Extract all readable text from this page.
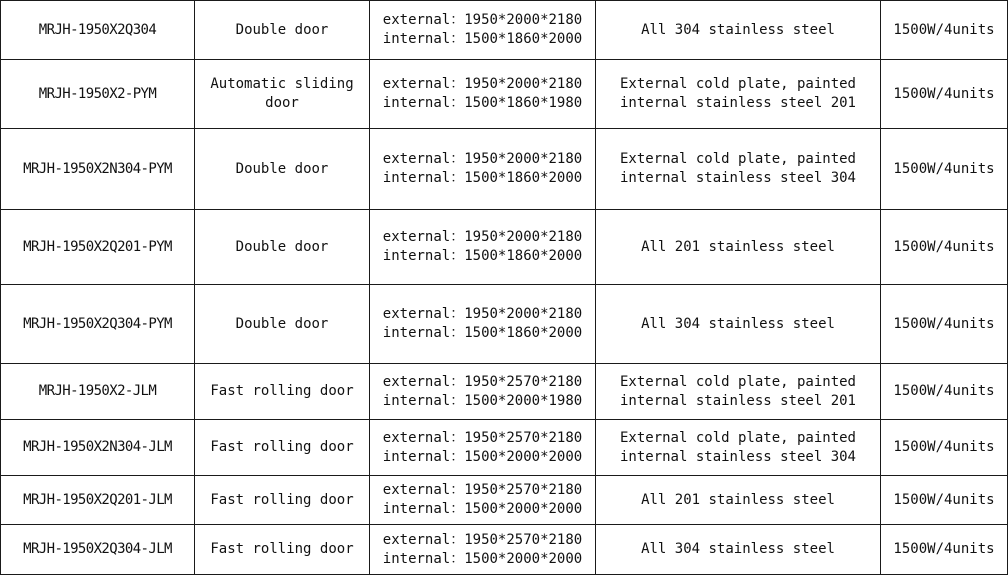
MRJH-1950X2Q304	Double door	external：1950*2000*2180
internal：1500*1860*2000	All 304 stainless steel	1500W/4units
MRJH-1950X2-PYM	Automatic sliding door	external：1950*2000*2180
internal：1500*1860*1980	External cold plate, painted
internal stainless steel 201	1500W/4units
MRJH-1950X2N304-PYM	Double door	external：1950*2000*2180
internal：1500*1860*2000	External cold plate, painted
internal stainless steel 304	1500W/4units
MRJH-1950X2Q201-PYM	Double door	external：1950*2000*2180
internal：1500*1860*2000	All 201 stainless steel	1500W/4units
MRJH-1950X2Q304-PYM	Double door	external：1950*2000*2180
internal：1500*1860*2000	All 304 stainless steel	1500W/4units
MRJH-1950X2-JLM	Fast rolling door	external：1950*2570*2180
internal：1500*2000*1980	External cold plate, painted
internal stainless steel 201	1500W/4units
MRJH-1950X2N304-JLM	Fast rolling door	external：1950*2570*2180
internal：1500*2000*2000	External cold plate, painted
internal stainless steel 304	1500W/4units
MRJH-1950X2Q201-JLM	Fast rolling door	external：1950*2570*2180
internal：1500*2000*2000	All 201 stainless steel	1500W/4units
MRJH-1950X2Q304-JLM	Fast rolling door	external：1950*2570*2180
internal：1500*2000*2000	All 304 stainless steel	1500W/4units
